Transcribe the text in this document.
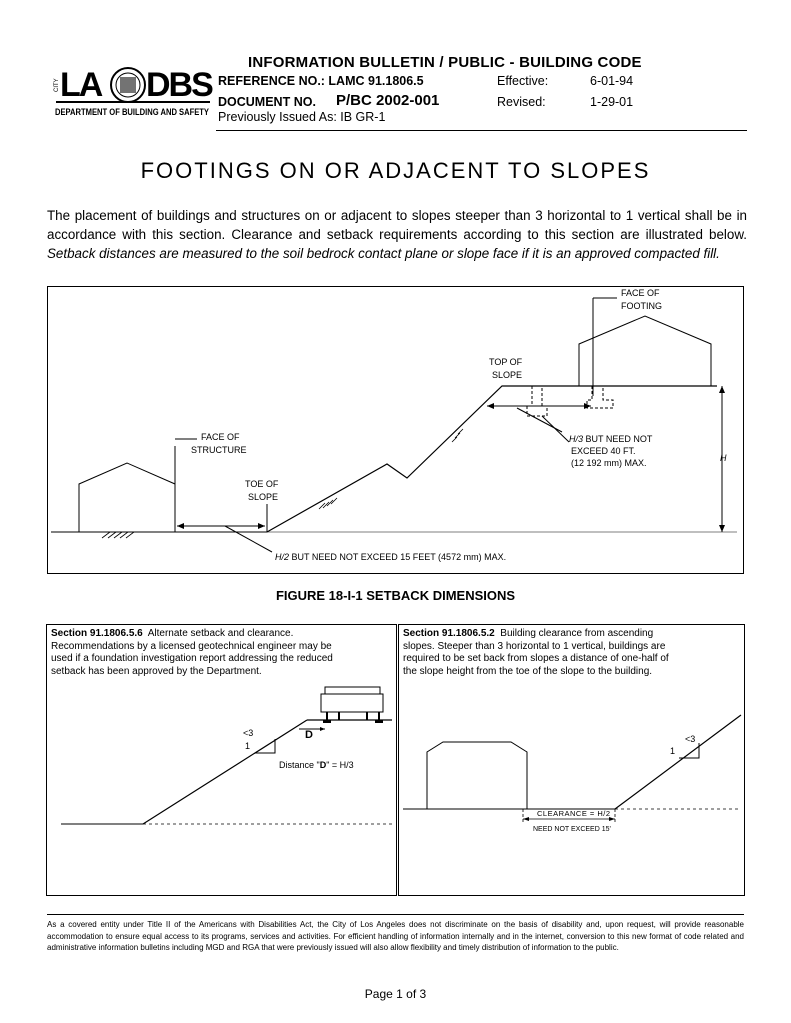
CITY LA DBS
DEPARTMENT OF BUILDING AND SAFETY
INFORMATION BULLETIN / PUBLIC - BUILDING CODE
REFERENCE NO.: LAMC 91.1806.5	Effective:	6-01-94
DOCUMENT NO. P/BC 2002-001	Revised:	1-29-01
Previously Issued As: IB GR-1
FOOTINGS ON OR ADJACENT TO SLOPES
The placement of buildings and structures on or adjacent to slopes steeper than 3 horizontal to 1 vertical shall be in accordance with this section. Clearance and setback requirements according to this section are illustrated below. Setback distances are measured to the soil bedrock contact plane or slope face if it is an approved compacted fill.
FACE OF
FOOTING
TOP OF
SLOPE
FACE OF
STRUCTURE
TOE OF
SLOPE
H/3 BUT NEED NOT
EXCEED 40 FT.
(12 192 mm) MAX.	H
H/2 BUT NEED NOT EXCEED 15 FEET (4572 mm) MAX.
FIGURE 18-I-1 SETBACK DIMENSIONS
<3
1
D
Distance "D" = H/3
Section 91.1806.5.6 Alternate setback and clearance.
Recommendations by a licensed geotechnical engineer may be
used if a foundation investigation report addressing the reduced
setback has been approved by the Department.
<3
1
CLEARANCE = H/2
NEED NOT EXCEED 15'
Section 91.1806.5.2 Building clearance from ascending
slopes. Steeper than 3 horizontal to 1 vertical, buildings are
required to be set back from slopes a distance of one-half of
the slope height from the toe of the slope to the building.
As a covered entity under Title II of the Americans with Disabilities Act, the City of Los Angeles does not discriminate on the basis of disability and, upon request, will provide reasonable accommodation to ensure equal access to its programs, services and activities. For efficient handling of information internally and in the internet, conversion to this new format of code related and administrative information bulletins including MGD and RGA that were previously issued will also allow flexibility and timely distribution of information to the public.
Page 1 of 3
